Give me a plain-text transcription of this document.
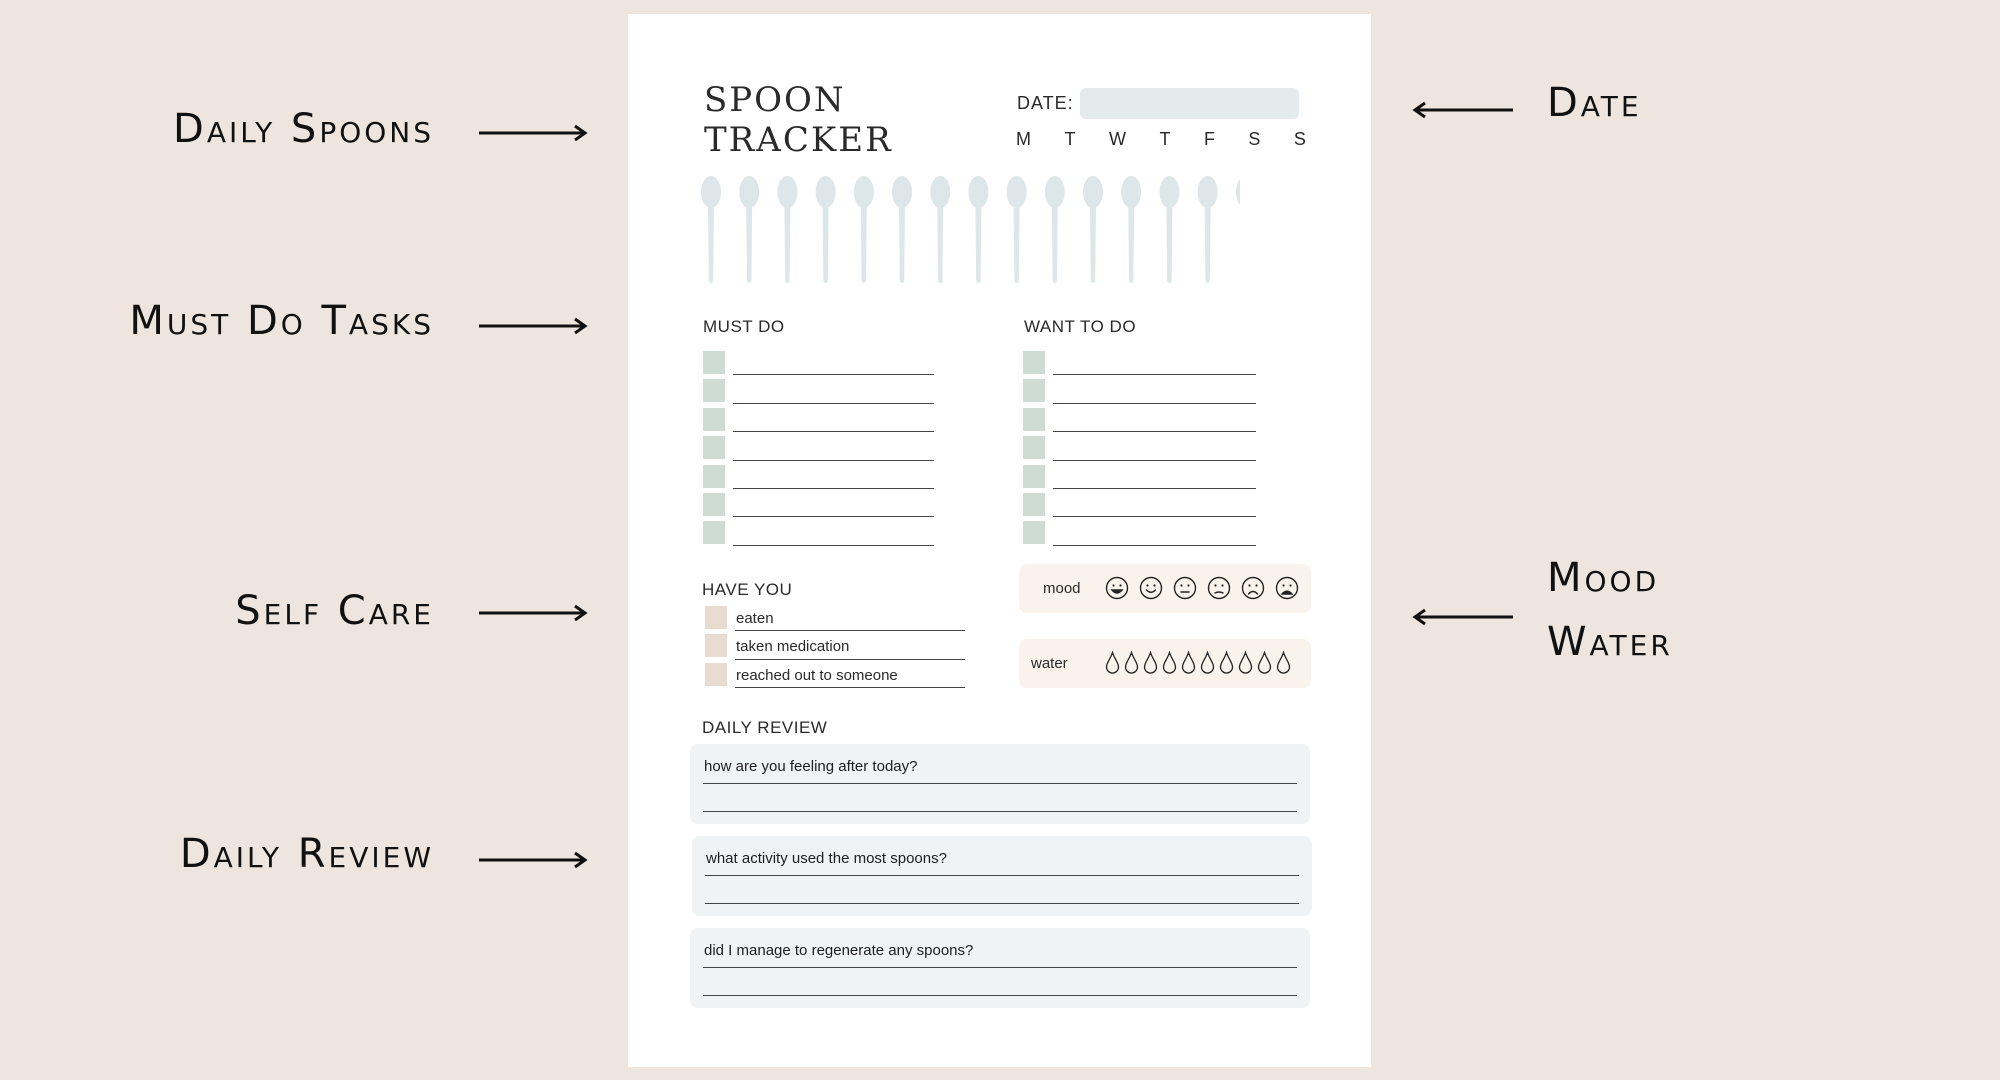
Daily Spoons
Must Do Tasks
Self Care
Daily Review
Date
Mood
Water
SPOON
TRACKER
DATE:
M T W T F S S
MUST DO	WANT TO DO
HAVE YOU
eaten
taken medication
reached out to someone
mood
water
DAILY REVIEW
how are you feeling after today?
what activity used the most spoons?
did I manage to regenerate any spoons?
